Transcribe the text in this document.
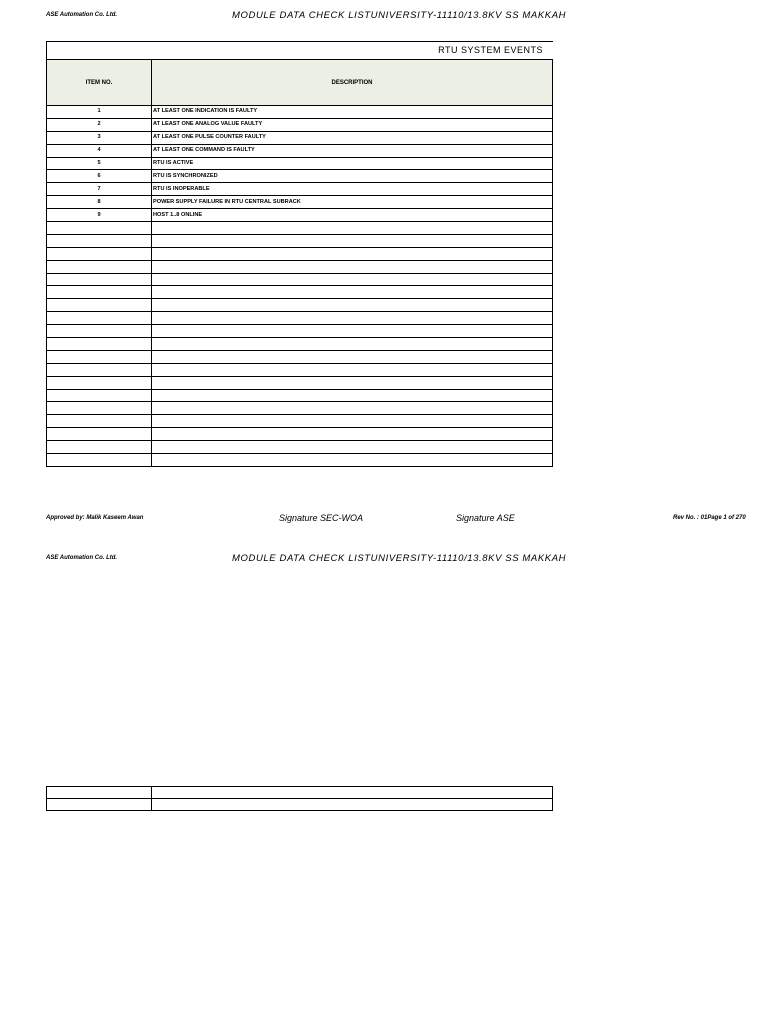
ASE Automation Co. Ltd.	MODULE DATA CHECK LISTUNIVERSITY-11110/13.8KV SS MAKKAH
RTU SYSTEM EVENTS
ITEM NO.	DESCRIPTION
1	AT LEAST ONE INDICATION IS FAULTY
2	AT LEAST ONE ANALOG VALUE FAULTY
3	AT LEAST ONE PULSE COUNTER FAULTY
4	AT LEAST ONE COMMAND IS FAULTY
5	RTU IS ACTIVE
6	RTU IS SYNCHRONIZED
7	RTU IS INOPERABLE
8	POWER SUPPLY FAILURE IN RTU CENTRAL SUBRACK
9	HOST 1..8 ONLINE

Approved by: Malik Kaseem Awan	Signature SEC-WOA	Signature ASE	Rev No. : 01Page 1 of 270
ASE Automation Co. Ltd.	MODULE DATA CHECK LISTUNIVERSITY-11110/13.8KV SS MAKKAH
